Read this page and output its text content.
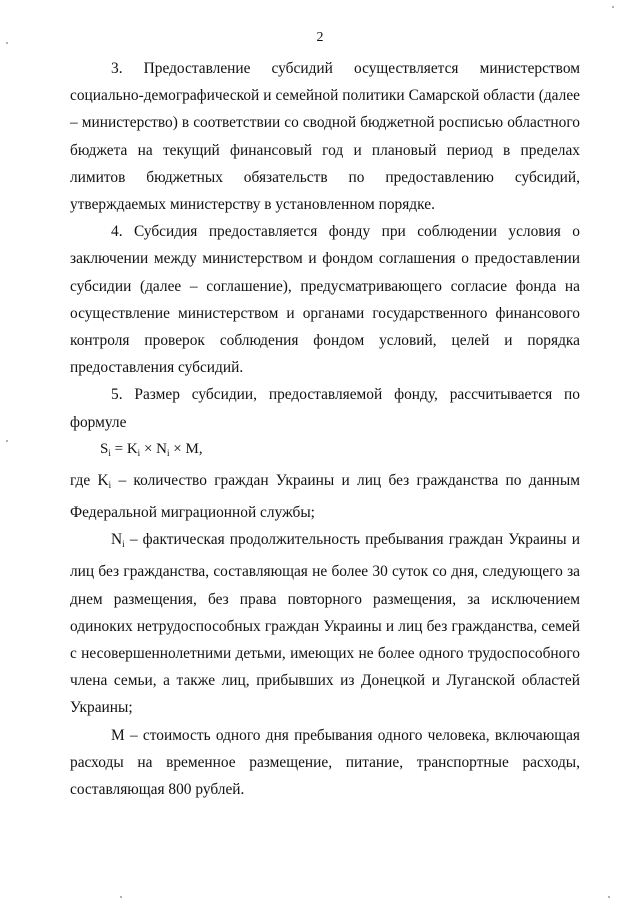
2

3. Предоставление субсидий осуществляется министерством социально-демографической и семейной политики Самарской области (далее – министерство) в соответствии со сводной бюджетной росписью областного бюджета на текущий финансовый год и плановый период в пределах лимитов бюджетных обязательств по предоставлению субсидий, утверждаемых министерству в установленном порядке.

4. Субсидия предоставляется фонду при соблюдении условия о заключении между министерством и фондом соглашения о предоставлении субсидии (далее – соглашение), предусматривающего согласие фонда на осуществление министерством и органами государственного финансового контроля проверок соблюдения фондом условий, целей и порядка предоставления субсидий.

5. Размер субсидии, предоставляемой фонду, рассчитывается по формуле

$S_i = K_i \times N_i \times M$,

где $K_i$ – количество граждан Украины и лиц без гражданства по данным Федеральной миграционной службы;

$N_i$ – фактическая продолжительность пребывания граждан Украины и лиц без гражданства, составляющая не более 30 суток со дня, следующего за днем размещения, без права повторного размещения, за исключением одиноких нетрудоспособных граждан Украины и лиц без гражданства, семей с несовершеннолетними детьми, имеющих не более одного трудоспособного члена семьи, а также лиц, прибывших из Донецкой и Луганской областей Украины;

М – стоимость одного дня пребывания одного человека, включающая расходы на временное размещение, питание, транспортные расходы, составляющая 800 рублей.
